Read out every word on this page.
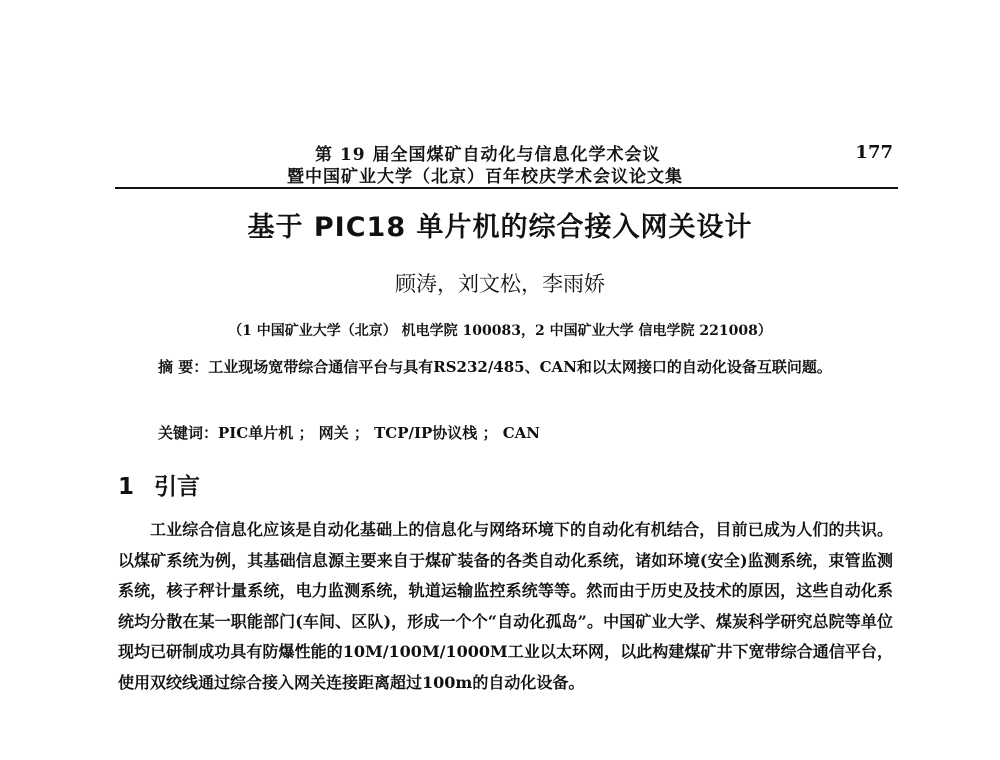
第 19 届全国煤矿自动化与信息化学术会议
暨中国矿业大学（北京）百年校庆学术会议论文集
177
基于 PIC18 单片机的综合接入网关设计
顾涛，刘文松，李雨娇
（1 中国矿业大学（北京） 机电学院 100083，2 中国矿业大学 信电学院 221008）
摘 要：工业现场宽带综合通信平台与具有RS232/485、CAN和以太网接口的自动化设备互联问题。
关键词：PIC单片机 ； 网关 ； TCP/IP协议栈 ； CAN
1 引言

工业综合信息化应该是自动化基础上的信息化与网络环境下的自动化有机结合，目前已成为人们的共识。以煤矿系统为例，其基础信息源主要来自于煤矿装备的各类自动化系统，诸如环境(安全)监测系统，束管监测系统，核子秤计量系统，电力监测系统，轨道运输监控系统等等。然而由于历史及技术的原因，这些自动化系统均分散在某一职能部门(车间、区队)，形成一个个“自动化孤岛”。中国矿业大学、煤炭科学研究总院等单位现均已研制成功具有防爆性能的10M/100M/1000M工业以太环网，以此构建煤矿井下宽带综合通信平台，使用双绞线通过综合接入网关连接距离超过100m的自动化设备。
